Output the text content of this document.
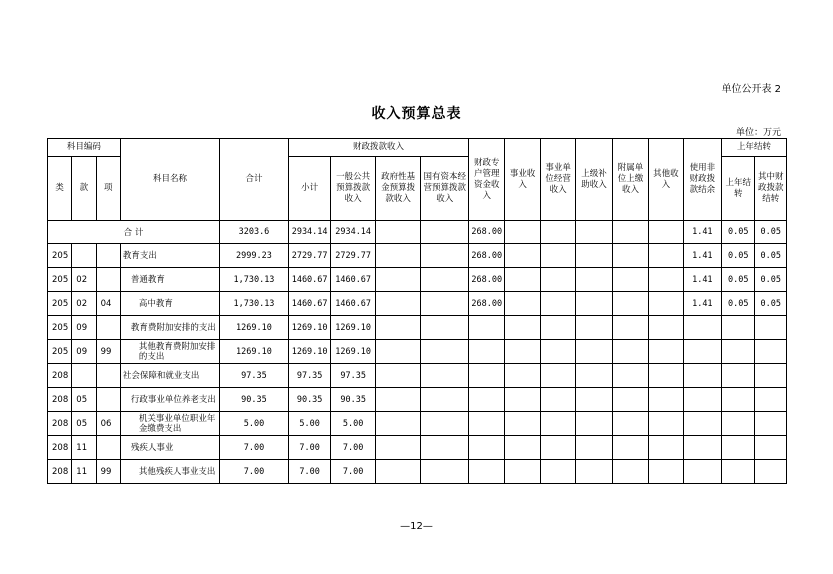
单位公开表 2
收入预算总表
单位：万元
科目编码			科目名称	合计	财政拨款收入				财政专户管理资金收入	事业收入	事业单位经营收入	上级补助收入	附属单位上缴收入	其他收入	使用非财政拨款结余	上年结转	
类	款	项			小计	一般公共预算拨款收入	政府性基金预算拨款收入	国有资本经营预算拨款收入								上年结转	其中财政拨款结转
合 计				3203.6	2934.14	2934.14			268.00						1.41	0.05	0.05
205			教育支出	2999.23	2729.77	2729.77			268.00						1.41	0.05	0.05
205	02		普通教育	1,730.13	1460.67	1460.67			268.00						1.41	0.05	0.05
205	02	04	高中教育	1,730.13	1460.67	1460.67			268.00						1.41	0.05	0.05
205	09		教育费附加安排的支出	1269.10	1269.10	1269.10											
205	09	99	其他教育费附加安排的支出	1269.10	1269.10	1269.10											
208			社会保障和就业支出	97.35	97.35	97.35											
208	05		行政事业单位养老支出	90.35	90.35	90.35											
208	05	06	机关事业单位职业年金缴费支出	5.00	5.00	5.00											
208	11		残疾人事业	7.00	7.00	7.00											
208	11	99	其他残疾人事业支出	7.00	7.00	7.00											
—12—
